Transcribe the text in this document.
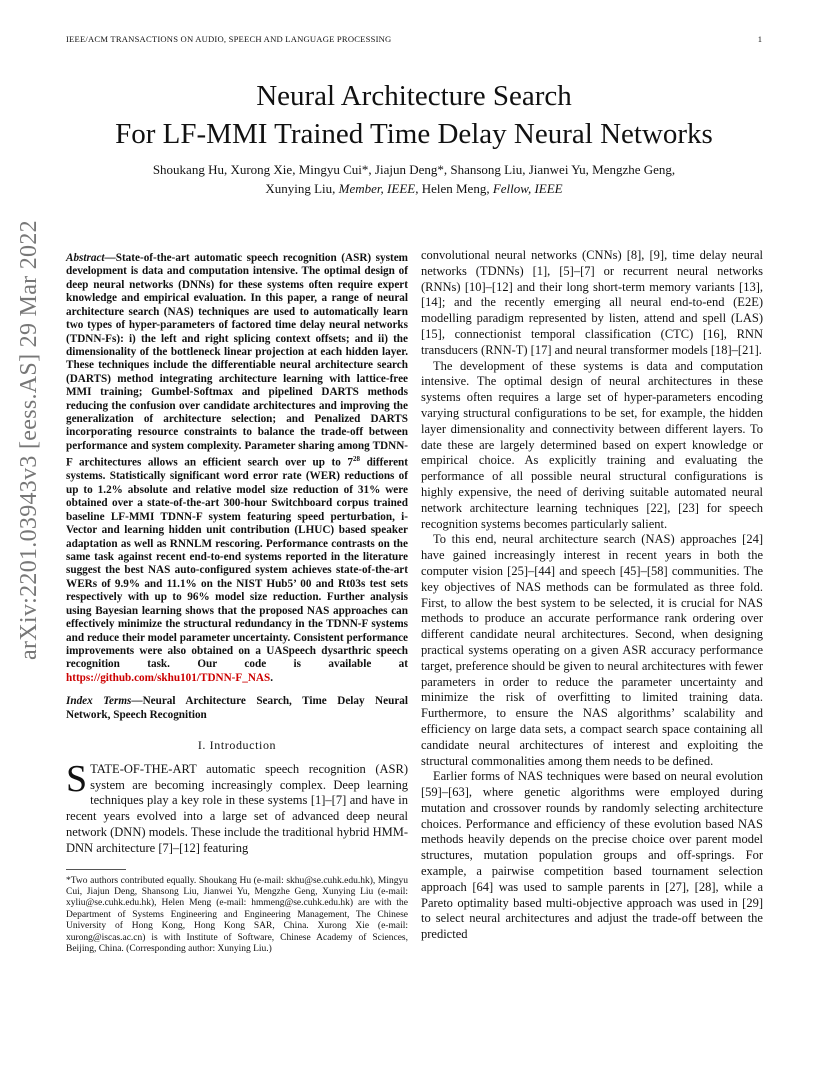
IEEE/ACM TRANSACTIONS ON AUDIO, SPEECH AND LANGUAGE PROCESSING	1
arXiv:2201.03943v3 [eess.AS] 29 Mar 2022
Neural Architecture Search
For LF-MMI Trained Time Delay Neural Networks
Shoukang Hu, Xurong Xie, Mingyu Cui*, Jiajun Deng*, Shansong Liu, Jianwei Yu, Mengzhe Geng,
Xunying Liu, Member, IEEE, Helen Meng, Fellow, IEEE
Abstract—State-of-the-art automatic speech recognition (ASR) system development is data and computation intensive. The optimal design of deep neural networks (DNNs) for these systems often require expert knowledge and empirical evaluation. In this paper, a range of neural architecture search (NAS) techniques are used to automatically learn two types of hyper-parameters of factored time delay neural networks (TDNN-Fs): i) the left and right splicing context offsets; and ii) the dimensionality of the bottleneck linear projection at each hidden layer. These techniques include the differentiable neural architecture search (DARTS) method integrating architecture learning with lattice-free MMI training; Gumbel-Softmax and pipelined DARTS methods reducing the confusion over candidate architectures and improving the generalization of architecture selection; and Penalized DARTS incorporating resource constraints to balance the trade-off between performance and system complexity. Parameter sharing among TDNN-F architectures allows an efficient search over up to $7^{28}$ different systems. Statistically significant word error rate (WER) reductions of up to 1.2% absolute and relative model size reduction of 31% were obtained over a state-of-the-art 300-hour Switchboard corpus trained baseline LF-MMI TDNN-F system featuring speed perturbation, i-Vector and learning hidden unit contribution (LHUC) based speaker adaptation as well as RNNLM rescoring. Performance contrasts on the same task against recent end-to-end systems reported in the literature suggest the best NAS auto-configured system achieves state-of-the-art WERs of 9.9% and 11.1% on the NIST Hub5’ 00 and Rt03s test sets respectively with up to 96% model size reduction. Further analysis using Bayesian learning shows that the proposed NAS approaches can effectively minimize the structural redundancy in the TDNN-F systems and reduce their model parameter uncertainty. Consistent performance improvements were also obtained on a UASpeech dysarthric speech recognition task. Our code is available at https://github.com/skhu101/TDNN-F_NAS.
Index Terms—Neural Architecture Search, Time Delay Neural Network, Speech Recognition
I. Introduction

STATE-OF-THE-ART automatic speech recognition (ASR) system are becoming increasingly complex. Deep learning techniques play a key role in these systems [1]–[7] and have in recent years evolved into a large set of advanced deep neural network (DNN) models. These include the traditional hybrid HMM-DNN architecture [7]–[12] featuring

*Two authors contributed equally. Shoukang Hu (e-mail: skhu@se.cuhk.edu.hk), Mingyu Cui, Jiajun Deng, Shansong Liu, Jianwei Yu, Mengzhe Geng, Xunying Liu (e-mail: xyliu@se.cuhk.edu.hk), Helen Meng (e-mail: hmmeng@se.cuhk.edu.hk) are with the Department of Systems Engineering and Engineering Management, The Chinese University of Hong Kong, Hong Kong SAR, China. Xurong Xie (e-mail: xurong@iscas.ac.cn) is with Institute of Software, Chinese Academy of Sciences, Beijing, China. (Corresponding author: Xunying Liu.)

convolutional neural networks (CNNs) [8], [9], time delay neural networks (TDNNs) [1], [5]–[7] or recurrent neural networks (RNNs) [10]–[12] and their long short-term memory variants [13], [14]; and the recently emerging all neural end-to-end (E2E) modelling paradigm represented by listen, attend and spell (LAS) [15], connectionist temporal classification (CTC) [16], RNN transducers (RNN-T) [17] and neural transformer models [18]–[21].

The development of these systems is data and computation intensive. The optimal design of neural architectures in these systems often requires a large set of hyper-parameters encoding varying structural configurations to be set, for example, the hidden layer dimensionality and connectivity between different layers. To date these are largely determined based on expert knowledge or empirical choice. As explicitly training and evaluating the performance of all possible neural structural configurations is highly expensive, the need of deriving suitable automated neural network architecture learning techniques [22], [23] for speech recognition systems becomes particularly salient.

To this end, neural architecture search (NAS) approaches [24] have gained increasingly interest in recent years in both the computer vision [25]–[44] and speech [45]–[58] communities. The key objectives of NAS methods can be formulated as three fold. First, to allow the best system to be selected, it is crucial for NAS methods to produce an accurate performance rank ordering over different candidate neural architectures. Second, when designing practical systems operating on a given ASR accuracy performance target, preference should be given to neural architectures with fewer parameters in order to reduce the parameter uncertainty and minimize the risk of overfitting to limited training data. Furthermore, to ensure the NAS algorithms’ scalability and efficiency on large data sets, a compact search space containing all candidate neural architectures of interest and exploiting the structural commonalities among them needs to be defined.

Earlier forms of NAS techniques were based on neural evolution [59]–[63], where genetic algorithms were employed during mutation and crossover rounds by randomly selecting architecture choices. Performance and efficiency of these evolution based NAS methods heavily depends on the precise choice over parent model structures, mutation population groups and off-springs. For example, a pairwise competition based tournament selection approach [64] was used to sample parents in [27], [28], while a Pareto optimality based multi-objective approach was used in [29] to select neural architectures and adjust the trade-off between the predicted
